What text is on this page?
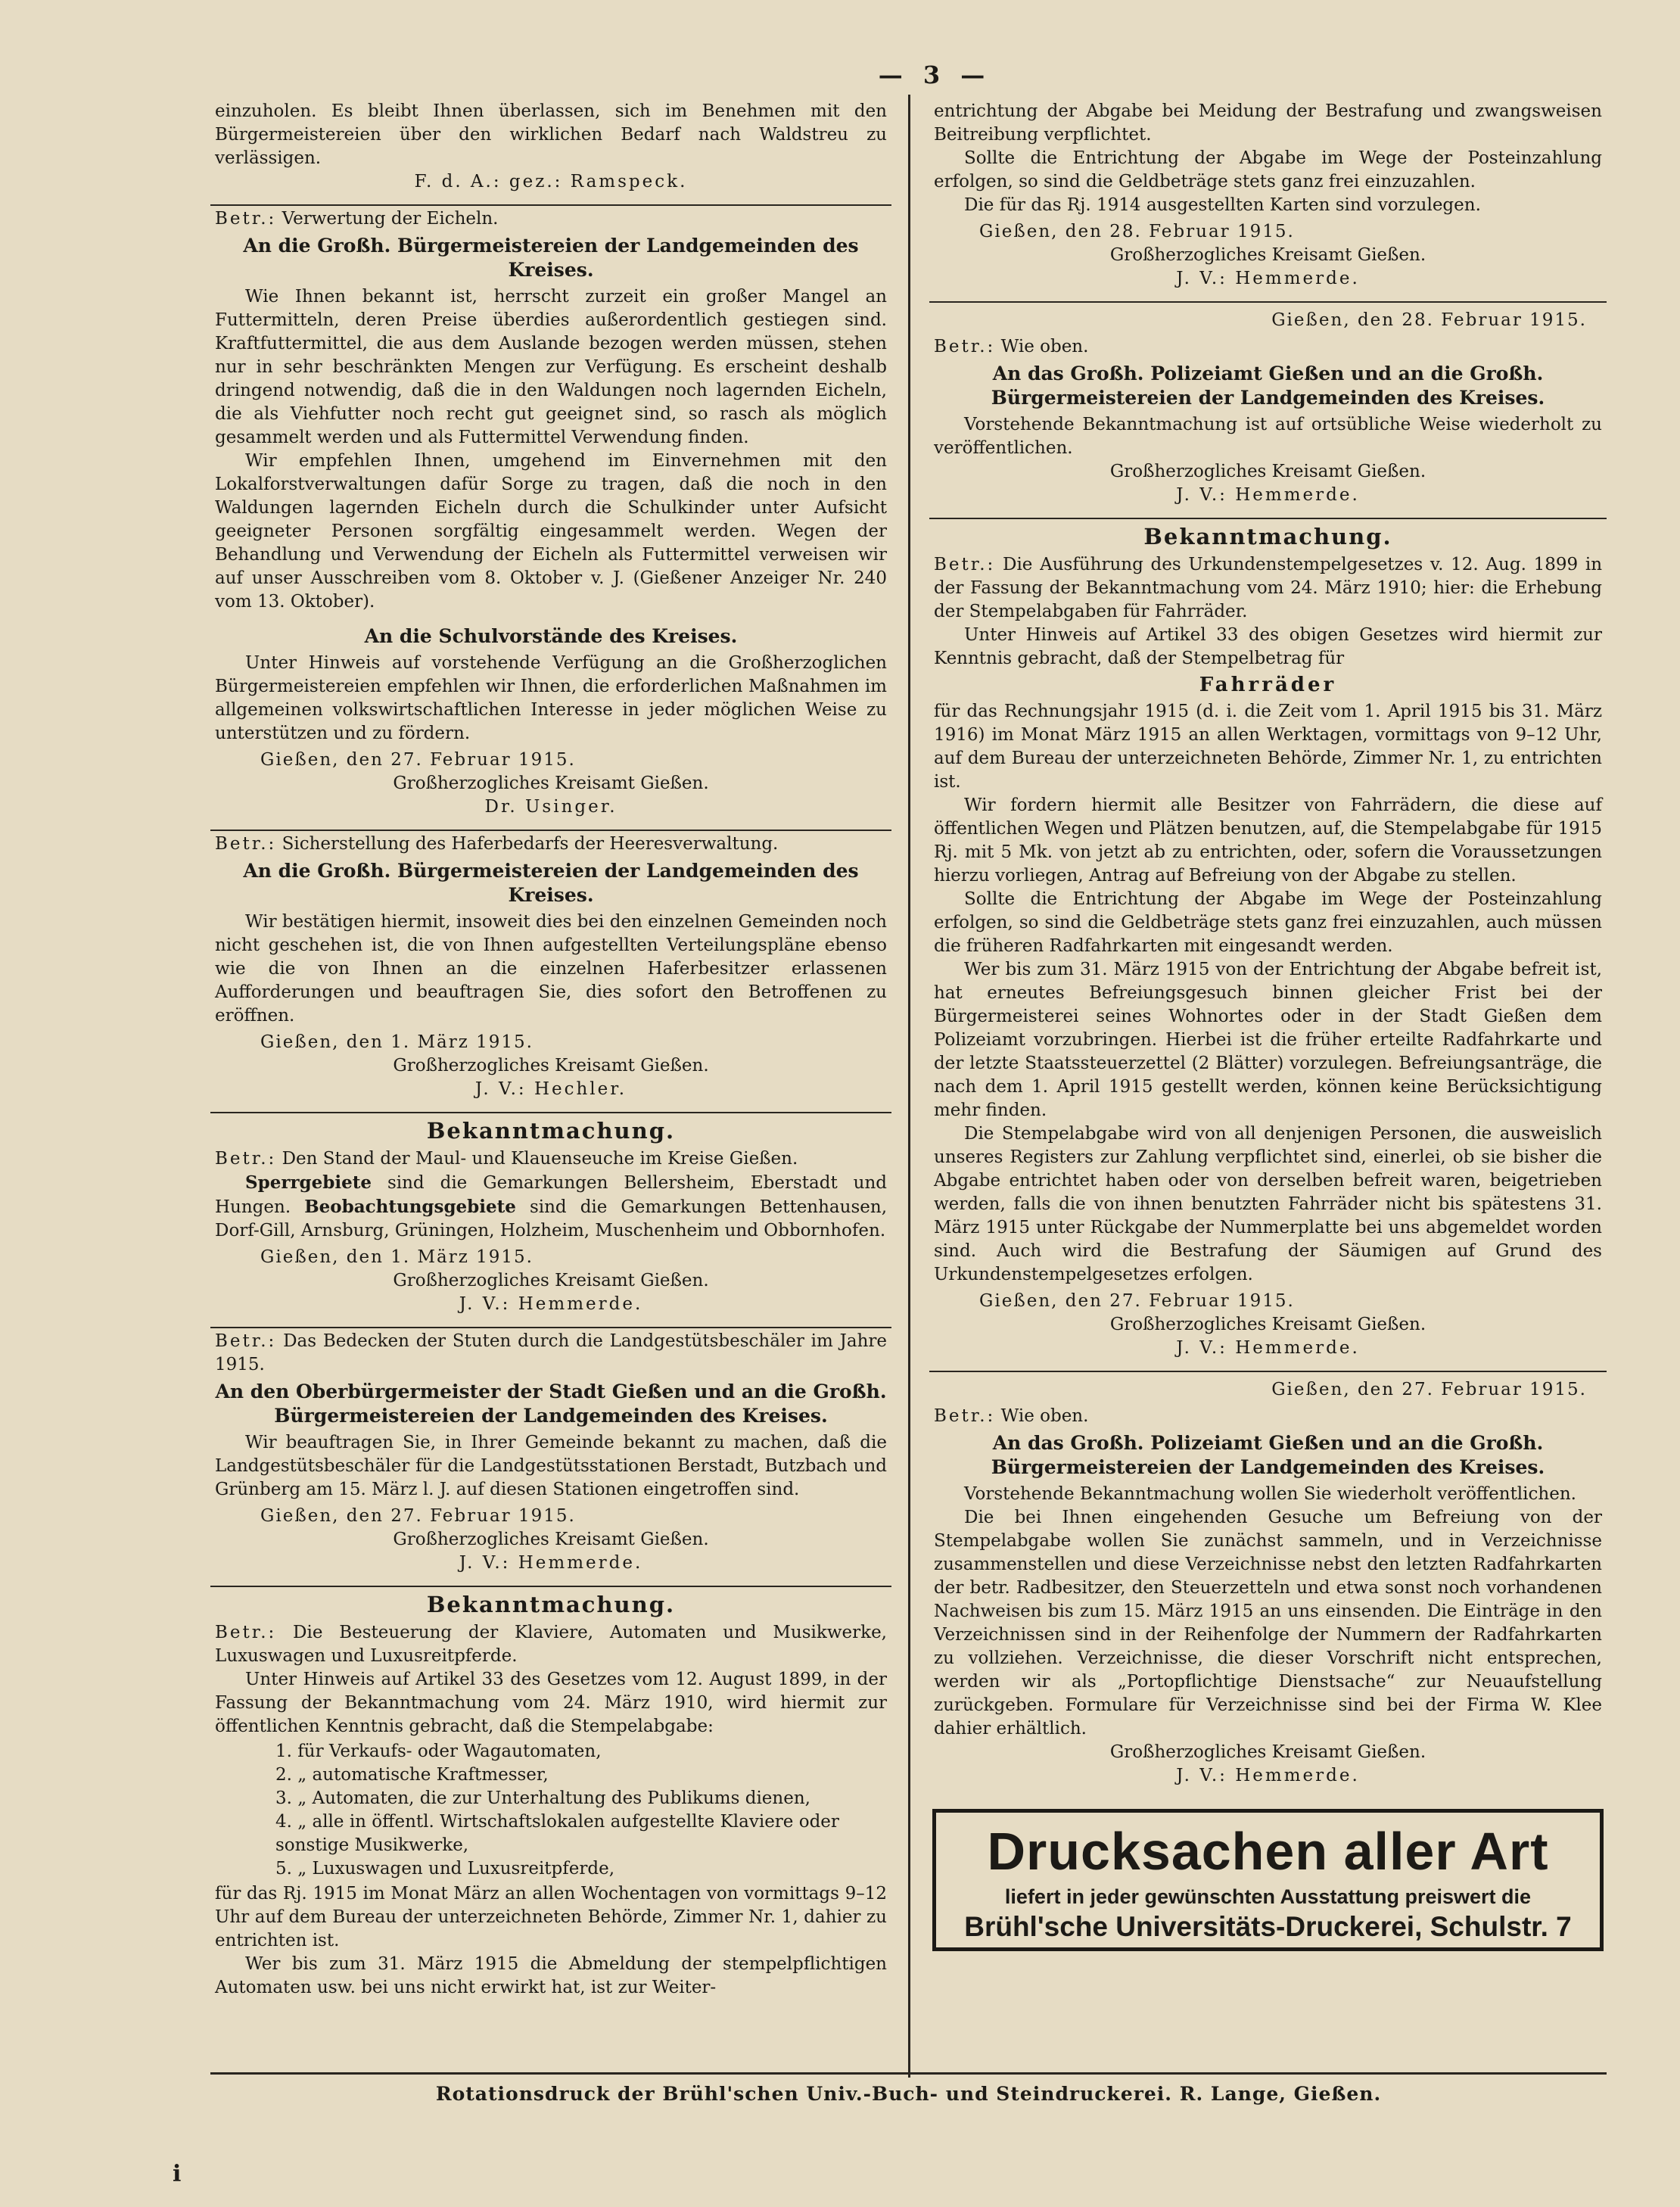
— 3 —

einzuholen. Es bleibt Ihnen überlassen, sich im Benehmen mit den Bürgermeistereien über den wirklichen Bedarf nach Waldstreu zu verlässigen.

F. d. A.: gez.: Ramspeck.

Betr.: Verwertung der Eicheln.

An die Großh. Bürgermeistereien der Landgemeinden des Kreises.

Wie Ihnen bekannt ist, herrscht zurzeit ein großer Mangel an Futtermitteln, deren Preise überdies außerordentlich gestiegen sind. Kraftfuttermittel, die aus dem Auslande bezogen werden müssen, stehen nur in sehr beschränkten Mengen zur Verfügung. Es erscheint deshalb dringend notwendig, daß die in den Waldungen noch lagernden Eicheln, die als Viehfutter noch recht gut geeignet sind, so rasch als möglich gesammelt werden und als Futtermittel Verwendung finden.

Wir empfehlen Ihnen, umgehend im Einvernehmen mit den Lokalforstverwaltungen dafür Sorge zu tragen, daß die noch in den Waldungen lagernden Eicheln durch die Schulkinder unter Aufsicht geeigneter Personen sorgfältig eingesammelt werden. Wegen der Behandlung und Verwendung der Eicheln als Futtermittel verweisen wir auf unser Ausschreiben vom 8. Oktober v. J. (Gießener Anzeiger Nr. 240 vom 13. Oktober).

An die Schulvorstände des Kreises.

Unter Hinweis auf vorstehende Verfügung an die Großherzoglichen Bürgermeistereien empfehlen wir Ihnen, die erforderlichen Maßnahmen im allgemeinen volkswirtschaftlichen Interesse in jeder möglichen Weise zu unterstützen und zu fördern.

Gießen, den 27. Februar 1915.

Großherzogliches Kreisamt Gießen.

Dr. Usinger.

Betr.: Sicherstellung des Haferbedarfs der Heeresverwaltung.

An die Großh. Bürgermeistereien der Landgemeinden des Kreises.

Wir bestätigen hiermit, insoweit dies bei den einzelnen Gemeinden noch nicht geschehen ist, die von Ihnen aufgestellten Verteilungspläne ebenso wie die von Ihnen an die einzelnen Haferbesitzer erlassenen Aufforderungen und beauftragen Sie, dies sofort den Betroffenen zu eröffnen.

Gießen, den 1. März 1915.

Großherzogliches Kreisamt Gießen.

J. V.: Hechler.

Bekanntmachung.

Betr.: Den Stand der Maul- und Klauenseuche im Kreise Gießen.

Sperrgebiete sind die Gemarkungen Bellersheim, Eberstadt und Hungen. Beobachtungsgebiete sind die Gemarkungen Bettenhausen, Dorf-Gill, Arnsburg, Grüningen, Holzheim, Muschenheim und Obbornhofen.

Gießen, den 1. März 1915.

Großherzogliches Kreisamt Gießen.

J. V.: Hemmerde.

Betr.: Das Bedecken der Stuten durch die Landgestütsbeschäler im Jahre 1915.

An den Oberbürgermeister der Stadt Gießen und an die Großh. Bürgermeistereien der Landgemeinden des Kreises.

Wir beauftragen Sie, in Ihrer Gemeinde bekannt zu machen, daß die Landgestütsbeschäler für die Landgestütsstationen Berstadt, Butzbach und Grünberg am 15. März l. J. auf diesen Stationen eingetroffen sind.

Gießen, den 27. Februar 1915.

Großherzogliches Kreisamt Gießen.

J. V.: Hemmerde.

Bekanntmachung.

Betr.: Die Besteuerung der Klaviere, Automaten und Musikwerke, Luxuswagen und Luxusreitpferde.

Unter Hinweis auf Artikel 33 des Gesetzes vom 12. August 1899, in der Fassung der Bekanntmachung vom 24. März 1910, wird hiermit zur öffentlichen Kenntnis gebracht, daß die Stempelabgabe:

1. für Verkaufs- oder Wagautomaten,
2. „ automatische Kraftmesser,
3. „ Automaten, die zur Unterhaltung des Publikums dienen,
4. „ alle in öffentl. Wirtschaftslokalen aufgestellte Klaviere oder sonstige Musikwerke,
5. „ Luxuswagen und Luxusreitpferde,

für das Rj. 1915 im Monat März an allen Wochentagen von vormittags 9–12 Uhr auf dem Bureau der unterzeichneten Behörde, Zimmer Nr. 1, dahier zu entrichten ist.

Wer bis zum 31. März 1915 die Abmeldung der stempelpflichtigen Automaten usw. bei uns nicht erwirkt hat, ist zur Weiter-

entrichtung der Abgabe bei Meidung der Bestrafung und zwangsweisen Beitreibung verpflichtet.

Sollte die Entrichtung der Abgabe im Wege der Posteinzahlung erfolgen, so sind die Geldbeträge stets ganz frei einzuzahlen.

Die für das Rj. 1914 ausgestellten Karten sind vorzulegen.

Gießen, den 28. Februar 1915.

Großherzogliches Kreisamt Gießen.

J. V.: Hemmerde.

Gießen, den 28. Februar 1915.

Betr.: Wie oben.

An das Großh. Polizeiamt Gießen und an die Großh. Bürgermeistereien der Landgemeinden des Kreises.

Vorstehende Bekanntmachung ist auf ortsübliche Weise wiederholt zu veröffentlichen.

Großherzogliches Kreisamt Gießen.

J. V.: Hemmerde.

Bekanntmachung.

Betr.: Die Ausführung des Urkundenstempelgesetzes v. 12. Aug. 1899 in der Fassung der Bekanntmachung vom 24. März 1910; hier: die Erhebung der Stempelabgaben für Fahrräder.

Unter Hinweis auf Artikel 33 des obigen Gesetzes wird hiermit zur Kenntnis gebracht, daß der Stempelbetrag für

Fahrräder

für das Rechnungsjahr 1915 (d. i. die Zeit vom 1. April 1915 bis 31. März 1916) im Monat März 1915 an allen Werktagen, vormittags von 9–12 Uhr, auf dem Bureau der unterzeichneten Behörde, Zimmer Nr. 1, zu entrichten ist.

Wir fordern hiermit alle Besitzer von Fahrrädern, die diese auf öffentlichen Wegen und Plätzen benutzen, auf, die Stempelabgabe für 1915 Rj. mit 5 Mk. von jetzt ab zu entrichten, oder, sofern die Voraussetzungen hierzu vorliegen, Antrag auf Befreiung von der Abgabe zu stellen.

Sollte die Entrichtung der Abgabe im Wege der Posteinzahlung erfolgen, so sind die Geldbeträge stets ganz frei einzuzahlen, auch müssen die früheren Radfahrkarten mit eingesandt werden.

Wer bis zum 31. März 1915 von der Entrichtung der Abgabe befreit ist, hat erneutes Befreiungsgesuch binnen gleicher Frist bei der Bürgermeisterei seines Wohnortes oder in der Stadt Gießen dem Polizeiamt vorzubringen. Hierbei ist die früher erteilte Radfahrkarte und der letzte Staatssteuerzettel (2 Blätter) vorzulegen. Befreiungsanträge, die nach dem 1. April 1915 gestellt werden, können keine Berücksichtigung mehr finden.

Die Stempelabgabe wird von all denjenigen Personen, die ausweislich unseres Registers zur Zahlung verpflichtet sind, einerlei, ob sie bisher die Abgabe entrichtet haben oder von derselben befreit waren, beigetrieben werden, falls die von ihnen benutzten Fahrräder nicht bis spätestens 31. März 1915 unter Rückgabe der Nummerplatte bei uns abgemeldet worden sind. Auch wird die Bestrafung der Säumigen auf Grund des Urkundenstempelgesetzes erfolgen.

Gießen, den 27. Februar 1915.

Großherzogliches Kreisamt Gießen.

J. V.: Hemmerde.

Gießen, den 27. Februar 1915.

Betr.: Wie oben.

An das Großh. Polizeiamt Gießen und an die Großh. Bürgermeistereien der Landgemeinden des Kreises.

Vorstehende Bekanntmachung wollen Sie wiederholt veröffentlichen.

Die bei Ihnen eingehenden Gesuche um Befreiung von der Stempelabgabe wollen Sie zunächst sammeln, und in Verzeichnisse zusammenstellen und diese Verzeichnisse nebst den letzten Radfahrkarten der betr. Radbesitzer, den Steuerzetteln und etwa sonst noch vorhandenen Nachweisen bis zum 15. März 1915 an uns einsenden. Die Einträge in den Verzeichnissen sind in der Reihenfolge der Nummern der Radfahrkarten zu vollziehen. Verzeichnisse, die dieser Vorschrift nicht entsprechen, werden wir als „Portopflichtige Dienstsache“ zur Neuaufstellung zurückgeben. Formulare für Verzeichnisse sind bei der Firma W. Klee dahier erhältlich.

Großherzogliches Kreisamt Gießen.

J. V.: Hemmerde.

Drucksachen aller Art
liefert in jeder gewünschten Ausstattung preiswert die
Brühl'sche Universitäts-Druckerei, Schulstr. 7
Rotationsdruck der Brühl'schen Univ.-Buch- und Steindruckerei. R. Lange, Gießen.
i
